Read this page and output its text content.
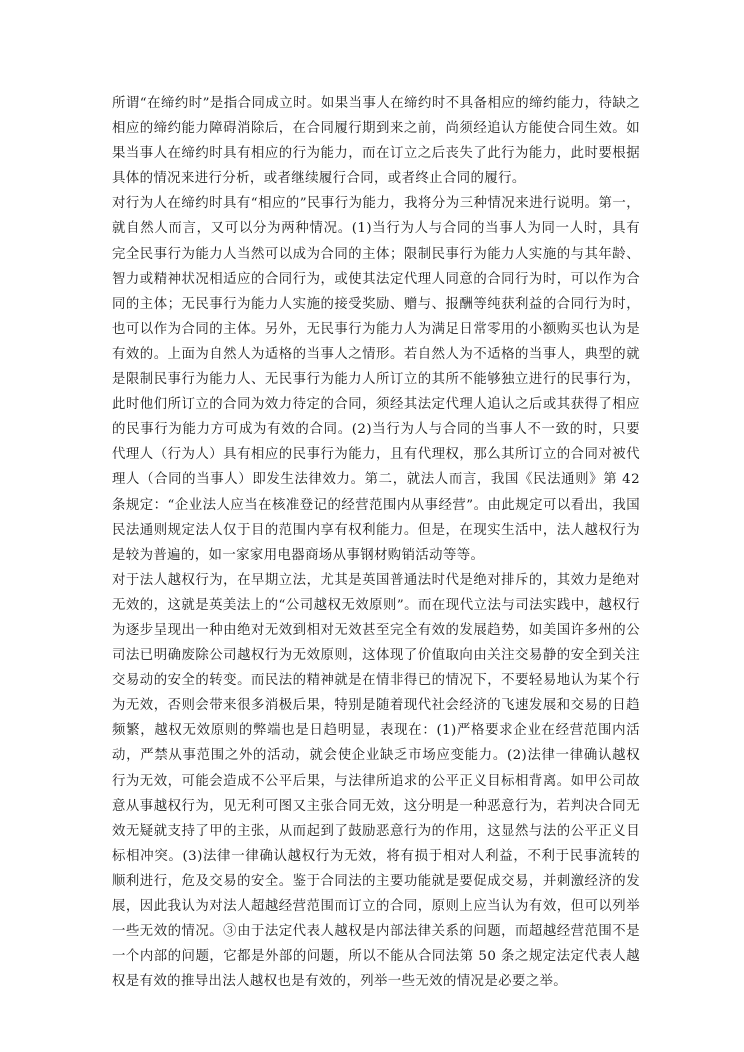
所谓“在缔约时”是指合同成立时。如果当事人在缔约时不具备相应的缔约能力，待缺之相应的缔约能力障碍消除后，在合同履行期到来之前，尚须经追认方能使合同生效。如果当事人在缔约时具有相应的行为能力，而在订立之后丧失了此行为能力，此时要根据具体的情况来进行分析，或者继续履行合同，或者终止合同的履行。

对行为人在缔约时具有“相应的”民事行为能力，我将分为三种情况来进行说明。第一，就自然人而言，又可以分为两种情况。(1)当行为人与合同的当事人为同一人时，具有完全民事行为能力人当然可以成为合同的主体；限制民事行为能力人实施的与其年龄、智力或精神状况相适应的合同行为，或使其法定代理人同意的合同行为时，可以作为合同的主体；无民事行为能力人实施的接受奖励、赠与、报酬等纯获利益的合同行为时，也可以作为合同的主体。另外，无民事行为能力人为满足日常零用的小额购买也认为是有效的。上面为自然人为适格的当事人之情形。若自然人为不适格的当事人，典型的就是限制民事行为能力人、无民事行为能力人所订立的其所不能够独立进行的民事行为，此时他们所订立的合同为效力待定的合同，须经其法定代理人追认之后或其获得了相应的民事行为能力方可成为有效的合同。(2)当行为人与合同的当事人不一致的时，只要代理人（行为人）具有相应的民事行为能力，且有代理权，那么其所订立的合同对被代理人（合同的当事人）即发生法律效力。第二，就法人而言，我国《民法通则》第 42 条规定：“企业法人应当在核准登记的经营范围内从事经营”。由此规定可以看出，我国民法通则规定法人仅于目的范围内享有权利能力。但是，在现实生活中，法人越权行为是较为普遍的，如一家家用电器商场从事钢材购销活动等等。

对于法人越权行为，在早期立法，尤其是英国普通法时代是绝对排斥的，其效力是绝对无效的，这就是英美法上的“公司越权无效原则”。而在现代立法与司法实践中，越权行为逐步呈现出一种由绝对无效到相对无效甚至完全有效的发展趋势，如美国许多州的公司法已明确废除公司越权行为无效原则，这体现了价值取向由关注交易静的安全到关注交易动的安全的转变。而民法的精神就是在情非得已的情况下，不要轻易地认为某个行为无效，否则会带来很多消极后果，特别是随着现代社会经济的飞速发展和交易的日趋频繁，越权无效原则的弊端也是日趋明显，表现在：(1)严格要求企业在经营范围内活动，严禁从事范围之外的活动，就会使企业缺乏市场应变能力。(2)法律一律确认越权行为无效，可能会造成不公平后果，与法律所追求的公平正义目标相背离。如甲公司故意从事越权行为，见无利可图又主张合同无效，这分明是一种恶意行为，若判决合同无效无疑就支持了甲的主张，从而起到了鼓励恶意行为的作用，这显然与法的公平正义目标相冲突。(3)法律一律确认越权行为无效，将有损于相对人利益，不利于民事流转的顺利进行，危及交易的安全。鉴于合同法的主要功能就是要促成交易，并刺激经济的发展，因此我认为对法人超越经营范围而订立的合同，原则上应当认为有效，但可以列举一些无效的情况。③由于法定代表人越权是内部法律关系的问题，而超越经营范围不是一个内部的问题，它都是外部的问题，所以不能从合同法第 50 条之规定法定代表人越权是有效的推导出法人越权也是有效的，列举一些无效的情况是必要之举。
